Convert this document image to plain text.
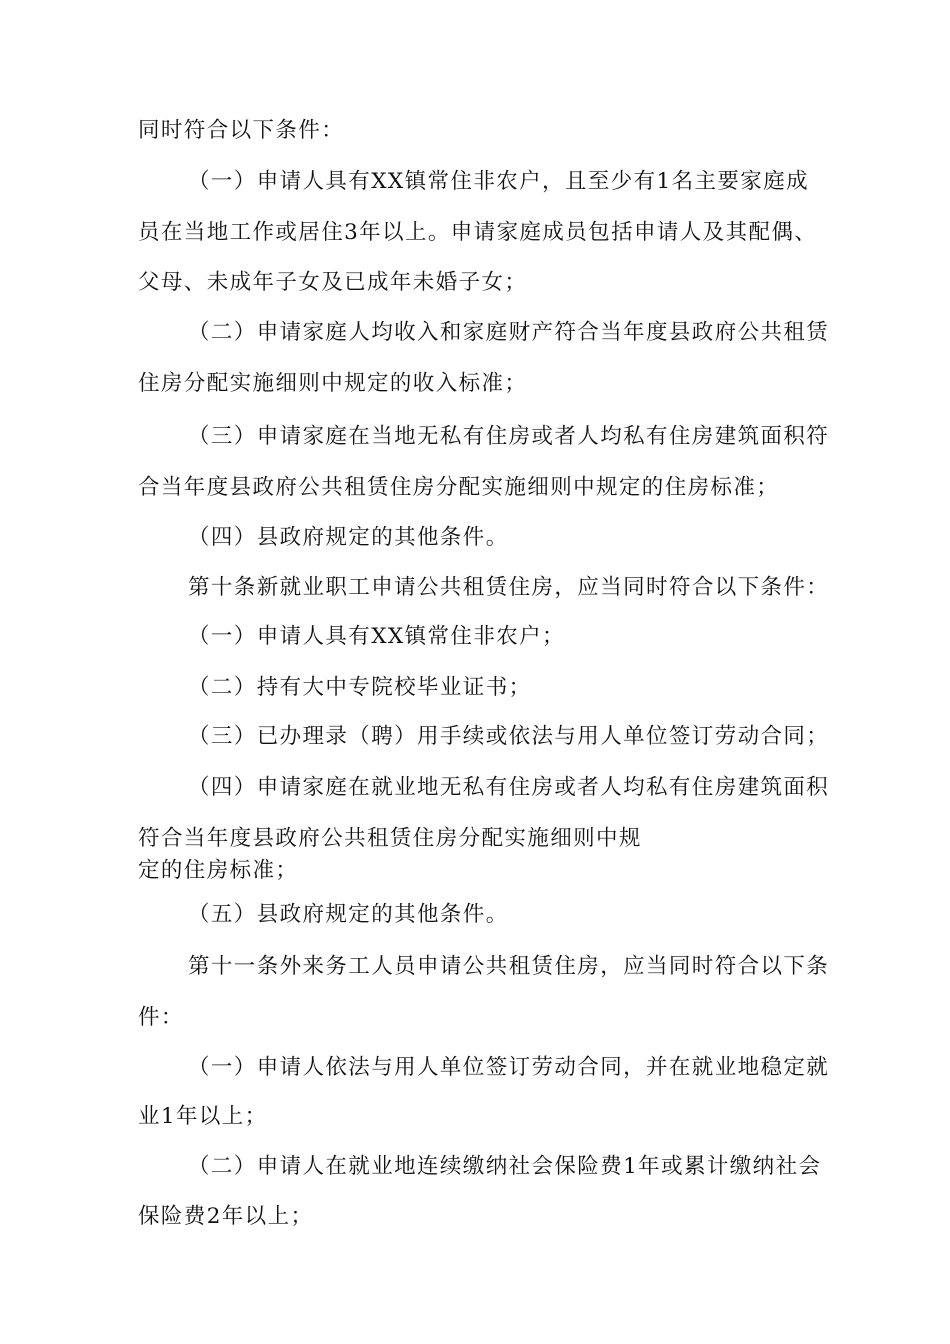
同时符合以下条件：
（一）申请人具有XX镇常住非农户，且至少有1名主要家庭成
员在当地工作或居住3年以上。申请家庭成员包括申请人及其配偶、
父母、未成年子女及已成年未婚子女；
（二）申请家庭人均收入和家庭财产符合当年度县政府公共租赁
住房分配实施细则中规定的收入标准；
（三）申请家庭在当地无私有住房或者人均私有住房建筑面积符
合当年度县政府公共租赁住房分配实施细则中规定的住房标准；
（四）县政府规定的其他条件。
第十条新就业职工申请公共租赁住房，应当同时符合以下条件：
（一）申请人具有XX镇常住非农户；
（二）持有大中专院校毕业证书；
（三）已办理录（聘）用手续或依法与用人单位签订劳动合同；
（四）申请家庭在就业地无私有住房或者人均私有住房建筑面积
符合当年度县政府公共租赁住房分配实施细则中规
定的住房标准；
（五）县政府规定的其他条件。
第十一条外来务工人员申请公共租赁住房，应当同时符合以下条
件：
（一）申请人依法与用人单位签订劳动合同，并在就业地稳定就
业1年以上；
（二）申请人在就业地连续缴纳社会保险费1年或累计缴纳社会
保险费2年以上；
